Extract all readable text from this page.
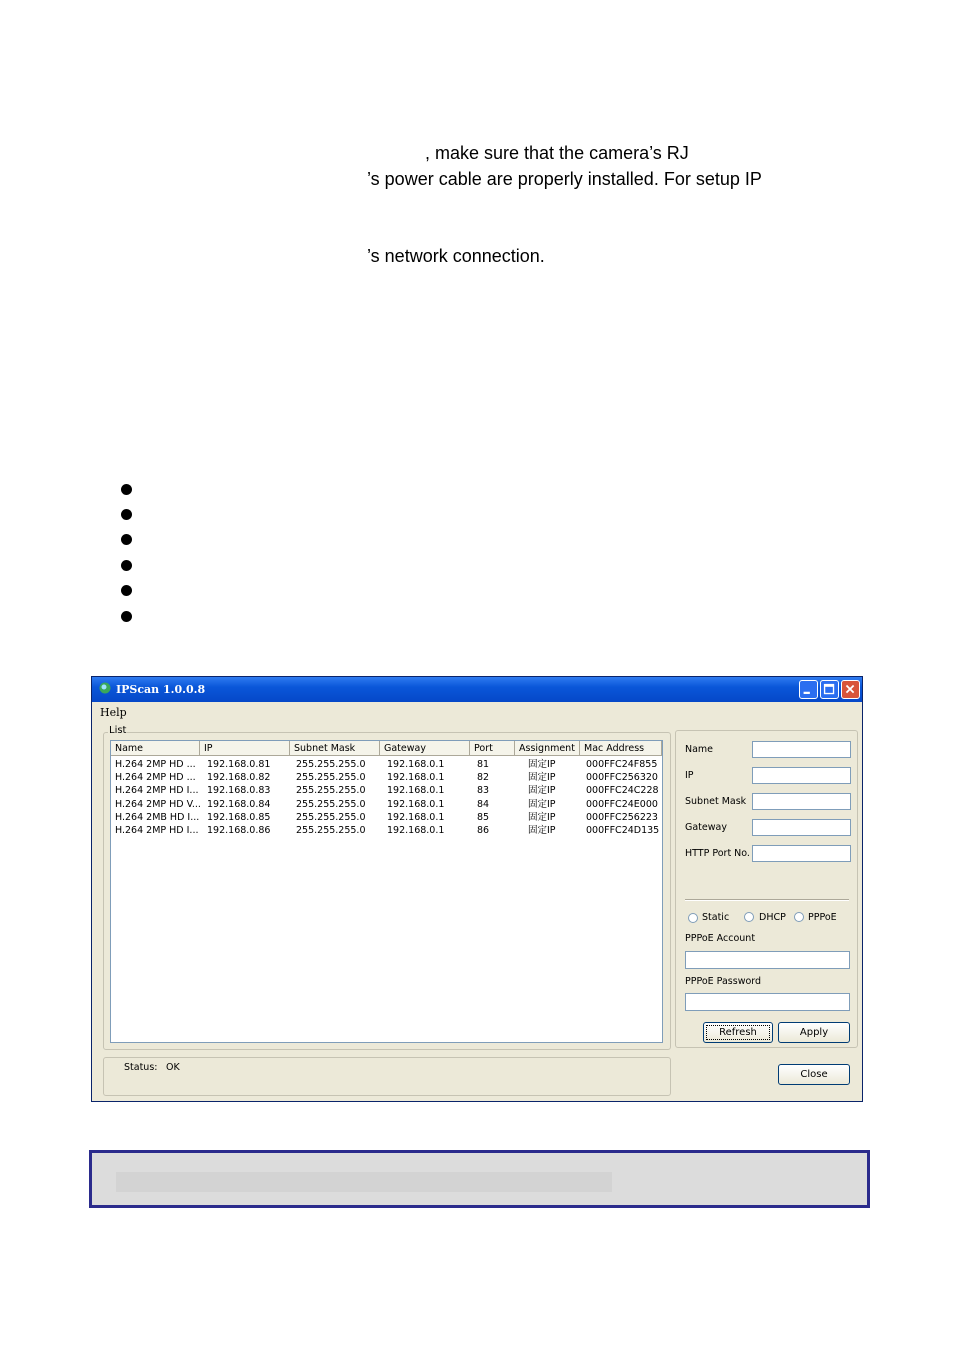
, make sure that the camera’s RJ
’s power cable are properly installed. For setup IP
’s network connection.
IPScan 1.0.0.8
Help
List
Name	IP	Subnet Mask	Gateway	Port	Assignment Mac Address
H.264 2MP HD ...	192.168.0.81	255.255.255.0	192.168.0.1	81	固定IP	000FFC24F855
H.264 2MP HD ...	192.168.0.82	255.255.255.0	192.168.0.1	82	固定IP	000FFC256320
H.264 2MP HD I... 192.168.0.83	255.255.255.0	192.168.0.1	83	固定IP	000FFC24C228
H.264 2MP HD V... 192.168.0.84	255.255.255.0	192.168.0.1	84	固定IP	000FFC24E000
H.264 2MB HD I... 192.168.0.85	255.255.255.0	192.168.0.1	85	固定IP	000FFC256223
H.264 2MP HD I... 192.168.0.86	255.255.255.0	192.168.0.1	86	固定IP	000FFC24D135
Name
IP
Subnet Mask
Gateway
HTTP Port No.
Static	DHCP PPPoE
PPPoE Account
PPPoE Password
Refresh	Apply
Status: OK
Close
